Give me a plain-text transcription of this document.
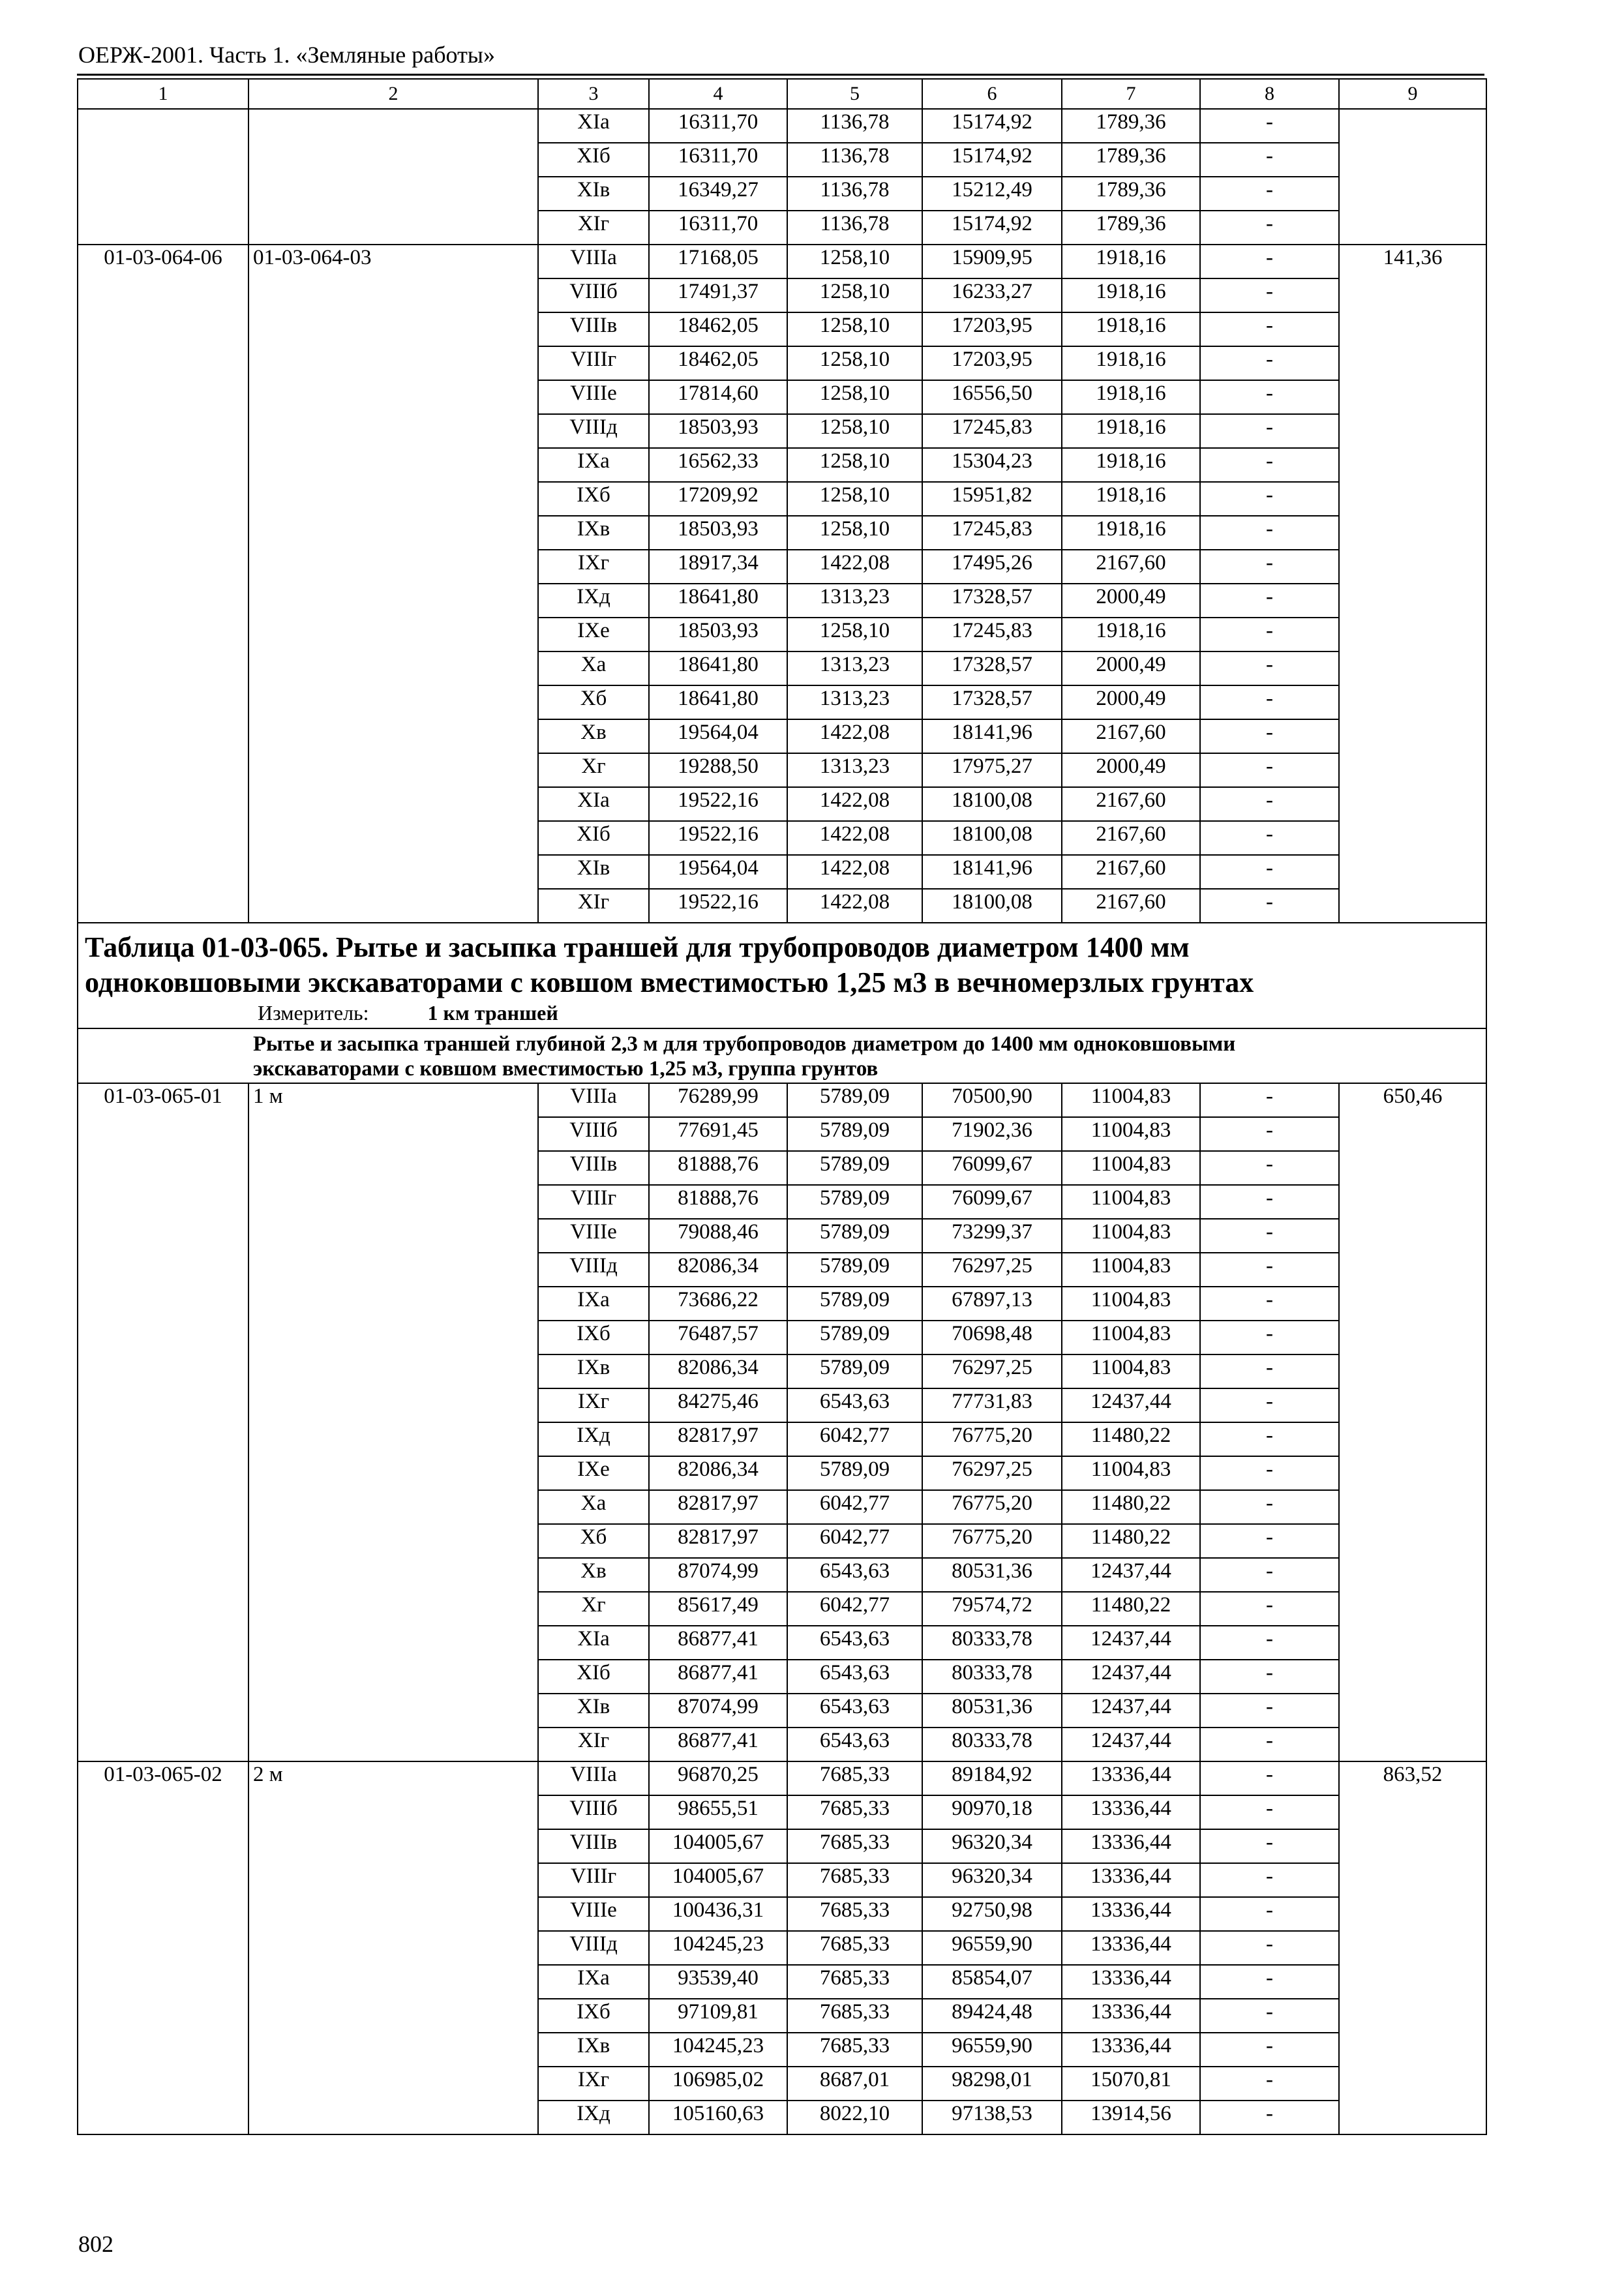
ОЕРЖ-2001. Часть 1. «Земляные работы»
1	2	3	4	5	6	7	8	9
		XIa	16311,70	1136,78	15174,92	1789,36	-	
		XIб	16311,70	1136,78	15174,92	1789,36	-	
		XIв	16349,27	1136,78	15212,49	1789,36	-	
		XIг	16311,70	1136,78	15174,92	1789,36	-	
01-03-064-06	01-03-064-03	VIIIa	17168,05	1258,10	15909,95	1918,16	-	141,36
		VIIIб	17491,37	1258,10	16233,27	1918,16	-	
		VIIIв	18462,05	1258,10	17203,95	1918,16	-	
		VIIIг	18462,05	1258,10	17203,95	1918,16	-	
		VIIIе	17814,60	1258,10	16556,50	1918,16	-	
		VIIIд	18503,93	1258,10	17245,83	1918,16	-	
		IXa	16562,33	1258,10	15304,23	1918,16	-	
		IXб	17209,92	1258,10	15951,82	1918,16	-	
		IXв	18503,93	1258,10	17245,83	1918,16	-	
		IXг	18917,34	1422,08	17495,26	2167,60	-	
		IXд	18641,80	1313,23	17328,57	2000,49	-	
		IXе	18503,93	1258,10	17245,83	1918,16	-	
		Xa	18641,80	1313,23	17328,57	2000,49	-	
		Xб	18641,80	1313,23	17328,57	2000,49	-	
		Xв	19564,04	1422,08	18141,96	2167,60	-	
		Xг	19288,50	1313,23	17975,27	2000,49	-	
		XIa	19522,16	1422,08	18100,08	2167,60	-	
		XIб	19522,16	1422,08	18100,08	2167,60	-	
		XIв	19564,04	1422,08	18141,96	2167,60	-	
		XIг	19522,16	1422,08	18100,08	2167,60	-	

Таблица 01-03-065. Рытье и засыпка траншей для трубопроводов диаметром 1400 мм
одноковшовыми экскаваторами с ковшом вместимостью 1,25 м3 в вечномерзлых грунтах
Измеритель: 1 км траншей								

Рытье и засыпка траншей глубиной 2,3 м для трубопроводов диаметром до 1400 мм одноковшовыми
экскаваторами с ковшом вместимостью 1,25 м3, группа грунтов								
01-03-065-01	1 м	VIIIa	76289,99	5789,09	70500,90	11004,83	-	650,46
		VIIIб	77691,45	5789,09	71902,36	11004,83	-	
		VIIIв	81888,76	5789,09	76099,67	11004,83	-	
		VIIIг	81888,76	5789,09	76099,67	11004,83	-	
		VIIIе	79088,46	5789,09	73299,37	11004,83	-	
		VIIIд	82086,34	5789,09	76297,25	11004,83	-	
		IXa	73686,22	5789,09	67897,13	11004,83	-	
		IXб	76487,57	5789,09	70698,48	11004,83	-	
		IXв	82086,34	5789,09	76297,25	11004,83	-	
		IXг	84275,46	6543,63	77731,83	12437,44	-	
		IXд	82817,97	6042,77	76775,20	11480,22	-	
		IXе	82086,34	5789,09	76297,25	11004,83	-	
		Xa	82817,97	6042,77	76775,20	11480,22	-	
		Xб	82817,97	6042,77	76775,20	11480,22	-	
		Xв	87074,99	6543,63	80531,36	12437,44	-	
		Xг	85617,49	6042,77	79574,72	11480,22	-	
		XIa	86877,41	6543,63	80333,78	12437,44	-	
		XIб	86877,41	6543,63	80333,78	12437,44	-	
		XIв	87074,99	6543,63	80531,36	12437,44	-	
		XIг	86877,41	6543,63	80333,78	12437,44	-	
01-03-065-02	2 м	VIIIa	96870,25	7685,33	89184,92	13336,44	-	863,52
		VIIIб	98655,51	7685,33	90970,18	13336,44	-	
		VIIIв	104005,67	7685,33	96320,34	13336,44	-	
		VIIIг	104005,67	7685,33	96320,34	13336,44	-	
		VIIIе	100436,31	7685,33	92750,98	13336,44	-	
		VIIIд	104245,23	7685,33	96559,90	13336,44	-	
		IXa	93539,40	7685,33	85854,07	13336,44	-	
		IXб	97109,81	7685,33	89424,48	13336,44	-	
		IXв	104245,23	7685,33	96559,90	13336,44	-	
		IXг	106985,02	8687,01	98298,01	15070,81	-	
		IXд	105160,63	8022,10	97138,53	13914,56	-	
802
